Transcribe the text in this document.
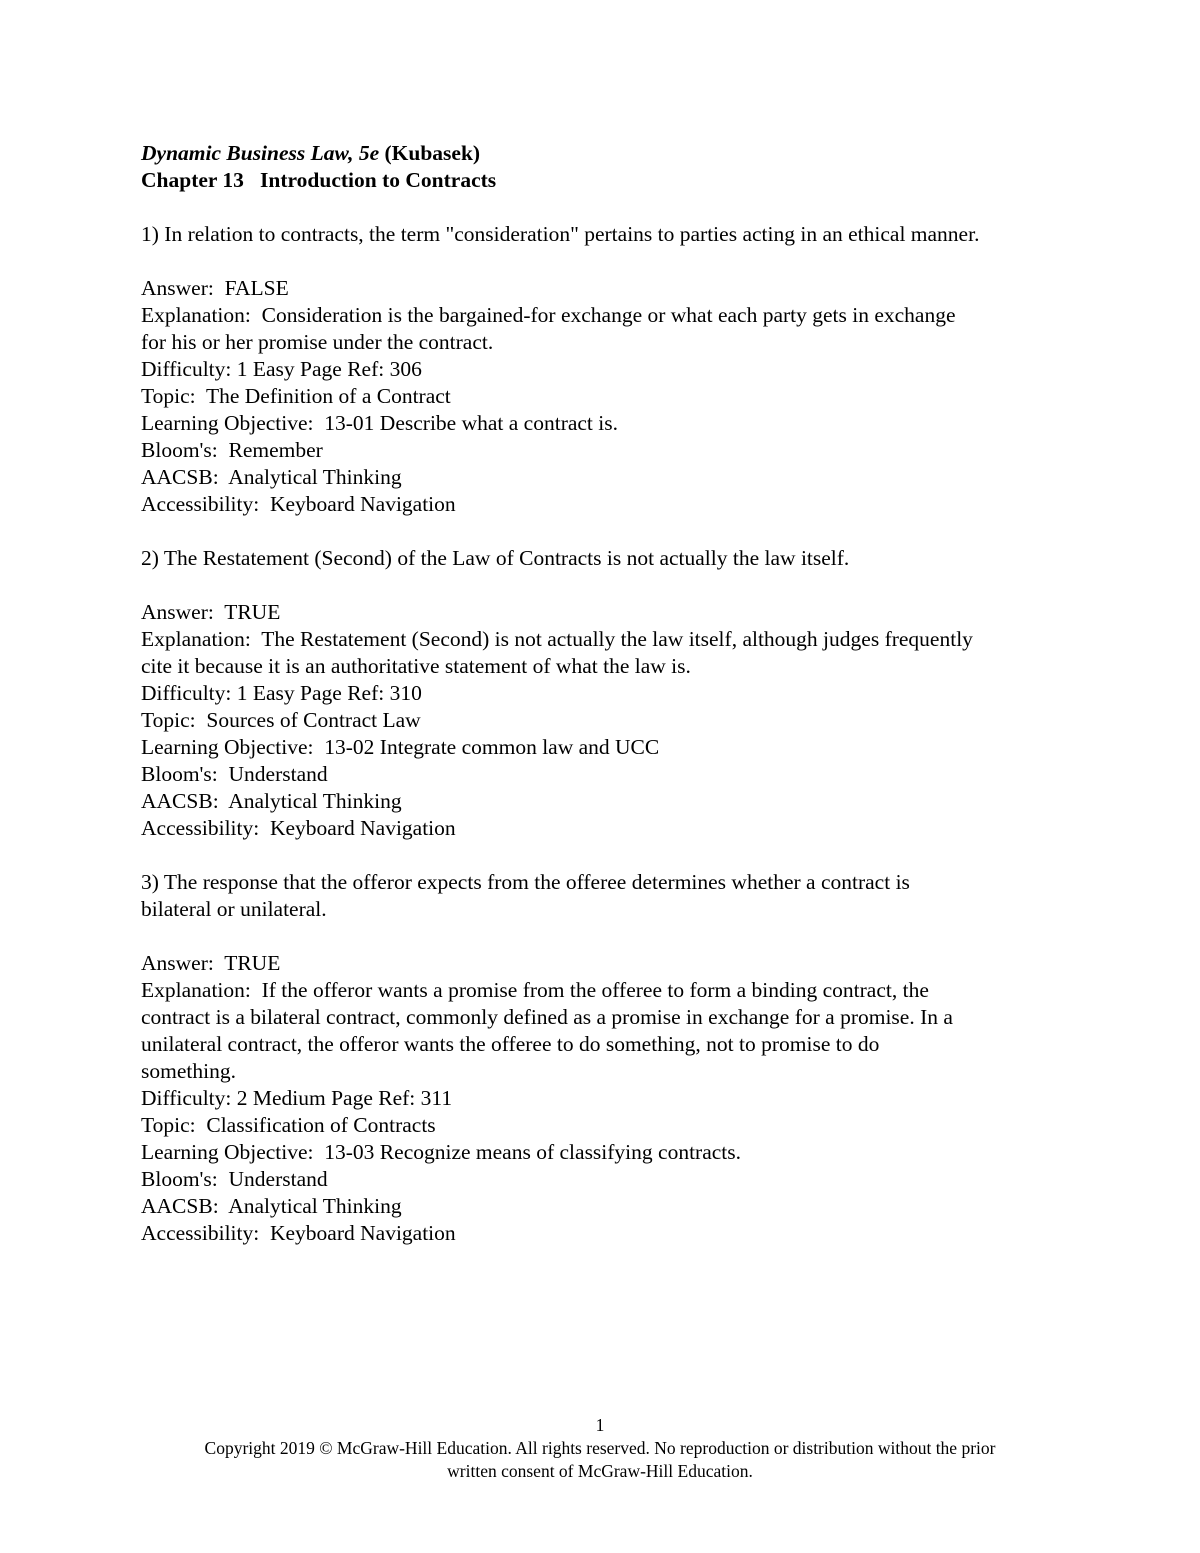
Dynamic Business Law, 5e (Kubasek)

Chapter 13   Introduction to Contracts

1) In relation to contracts, the term "consideration" pertains to parties acting in an ethical manner.

Answer:  FALSE

Explanation:  Consideration is the bargained-for exchange or what each party gets in exchange

for his or her promise under the contract.

Difficulty: 1 Easy Page Ref: 306

Topic:  The Definition of a Contract

Learning Objective:  13-01 Describe what a contract is.

Bloom's:  Remember

AACSB:  Analytical Thinking

Accessibility:  Keyboard Navigation

2) The Restatement (Second) of the Law of Contracts is not actually the law itself.

Answer:  TRUE

Explanation:  The Restatement (Second) is not actually the law itself, although judges frequently

cite it because it is an authoritative statement of what the law is.

Difficulty: 1 Easy Page Ref: 310

Topic:  Sources of Contract Law

Learning Objective:  13-02 Integrate common law and UCC

Bloom's:  Understand

AACSB:  Analytical Thinking

Accessibility:  Keyboard Navigation

3) The response that the offeror expects from the offeree determines whether a contract is

bilateral or unilateral.

Answer:  TRUE

Explanation:  If the offeror wants a promise from the offeree to form a binding contract, the

contract is a bilateral contract, commonly defined as a promise in exchange for a promise. In a

unilateral contract, the offeror wants the offeree to do something, not to promise to do

something.

Difficulty: 2 Medium Page Ref: 311

Topic:  Classification of Contracts

Learning Objective:  13-03 Recognize means of classifying contracts.

Bloom's:  Understand

AACSB:  Analytical Thinking

Accessibility:  Keyboard Navigation

1

Copyright 2019 © McGraw-Hill Education. All rights reserved. No reproduction or distribution without the prior

written consent of McGraw-Hill Education.
